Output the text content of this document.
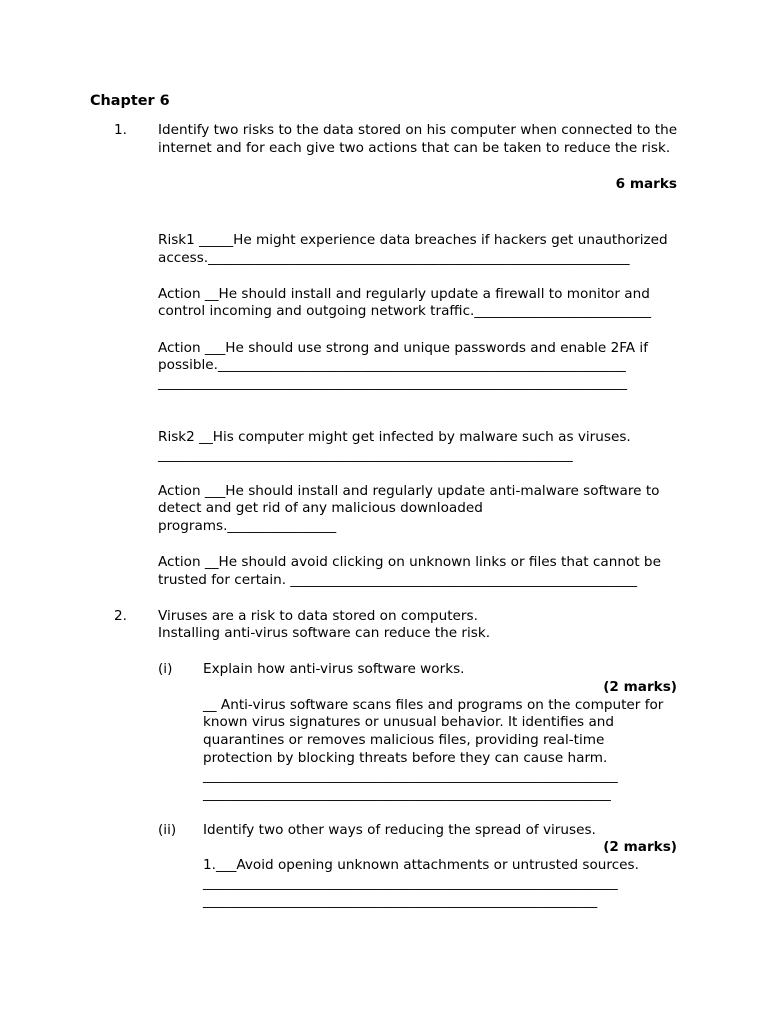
Chapter 6
1. Identify two risks to the data stored on his computer when connected to the internet and for each give two actions that can be taken to reduce the risk.
6 marks
Risk1 _____He might experience data breaches if hackers get unauthorized
access.______________________________________________________________
Action __He should install and regularly update a firewall to monitor and
control incoming and outgoing network traffic.__________________________
Action ___He should use strong and unique passwords and enable 2FA if
possible.____________________________________________________________
_____________________________________________________________________
Risk2 __His computer might get infected by malware such as viruses.
_____________________________________________________________
Action ___He should install and regularly update anti-malware software to
detect and get rid of any malicious downloaded
programs.________________
Action __He should avoid clicking on unknown links or files that cannot be
trusted for certain. ___________________________________________________
2. Viruses are a risk to data stored on computers.
Installing anti-virus software can reduce the risk.
(i) Explain how anti-virus software works.
(2 marks)
__ Anti-virus software scans files and programs on the computer for
known virus signatures or unusual behavior. It identifies and
quarantines or removes malicious files, providing real-time
protection by blocking threats before they can cause harm.
_____________________________________________________________
____________________________________________________________
(ii) Identify two other ways of reducing the spread of viruses.
(2 marks)
1.___Avoid opening unknown attachments or untrusted sources.
_____________________________________________________________
__________________________________________________________
